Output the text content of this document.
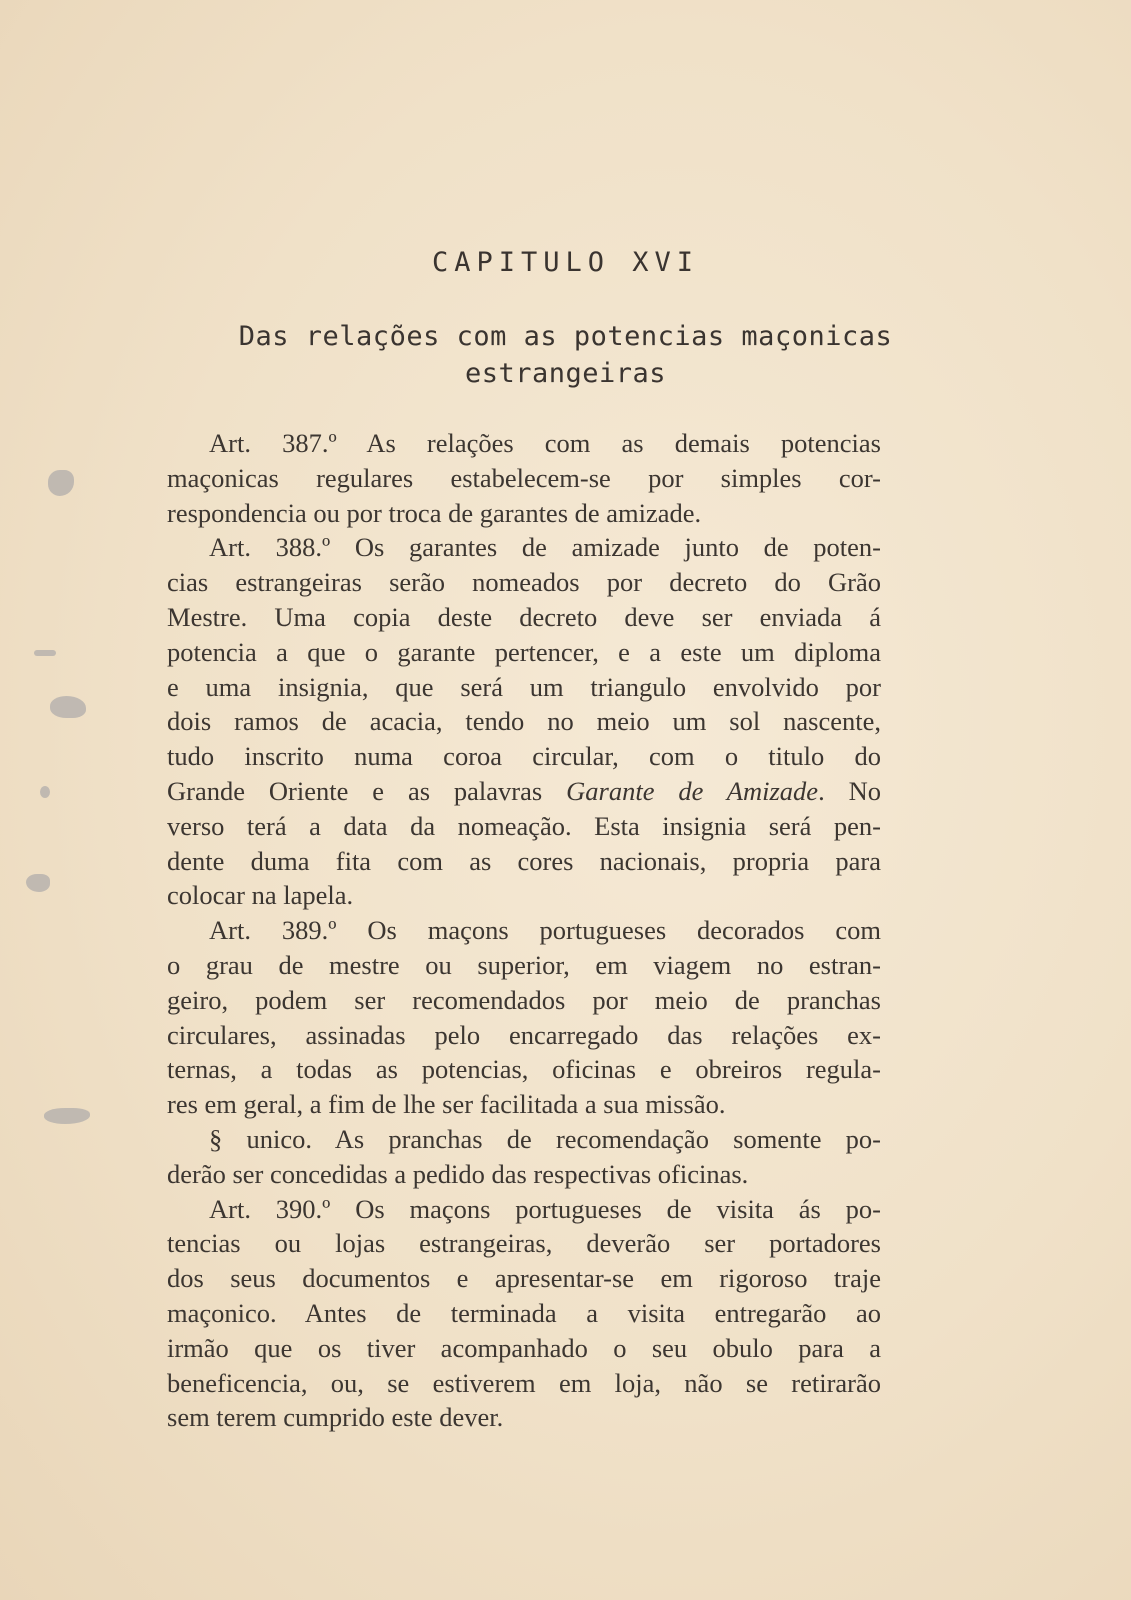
CAPITULO XVI
Das relações com as potencias maçonicas
estrangeiras
Art. 387.º As relações com as demais potencias
maçonicas regulares estabelecem-se por simples cor-
respondencia ou por troca de garantes de amizade.
Art. 388.º Os garantes de amizade junto de poten-
cias estrangeiras serão nomeados por decreto do Grão
Mestre. Uma copia deste decreto deve ser enviada á
potencia a que o garante pertencer, e a este um diploma
e uma insignia, que será um triangulo envolvido por
dois ramos de acacia, tendo no meio um sol nascente,
tudo inscrito numa coroa circular, com o titulo do
Grande Oriente e as palavras Garante de Amizade. No
verso terá a data da nomeação. Esta insignia será pen-
dente duma fita com as cores nacionais, propria para
colocar na lapela.
Art. 389.º Os maçons portugueses decorados com
o grau de mestre ou superior, em viagem no estran-
geiro, podem ser recomendados por meio de pranchas
circulares, assinadas pelo encarregado das relações ex-
ternas, a todas as potencias, oficinas e obreiros regula-
res em geral, a fim de lhe ser facilitada a sua missão.
§ unico. As pranchas de recomendação somente po-
derão ser concedidas a pedido das respectivas oficinas.
Art. 390.º Os maçons portugueses de visita ás po-
tencias ou lojas estrangeiras, deverão ser portadores
dos seus documentos e apresentar-se em rigoroso traje
maçonico. Antes de terminada a visita entregarão ao
irmão que os tiver acompanhado o seu obulo para a
beneficencia, ou, se estiverem em loja, não se retirarão
sem terem cumprido este dever.
